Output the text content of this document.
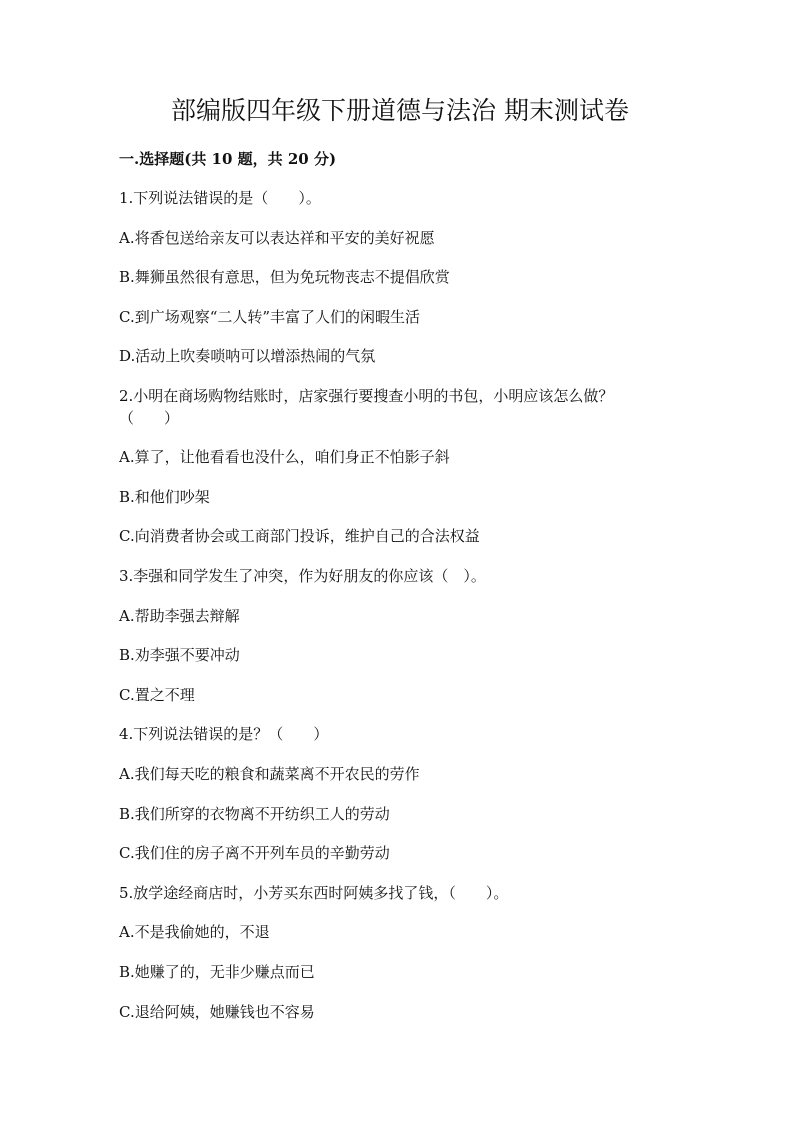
部编版四年级下册道德与法治 期末测试卷
一.选择题(共 10 题，共 20 分)

1.下列说法错误的是（　　）。

A.将香包送给亲友可以表达祥和平安的美好祝愿

B.舞狮虽然很有意思，但为免玩物丧志不提倡欣赏

C.到广场观察“二人转”丰富了人们的闲暇生活

D.活动上吹奏唢呐可以增添热闹的气氛

2.小明在商场购物结账时，店家强行要搜查小明的书包，小明应该怎么做？

（　　）

A.算了，让他看看也没什么，咱们身正不怕影子斜

B.和他们吵架

C.向消费者协会或工商部门投诉，维护自己的合法权益

3.李强和同学发生了冲突，作为好朋友的你应该（　）。

A.帮助李强去辩解

B.劝李强不要冲动

C.置之不理

4.下列说法错误的是？（　　）

A.我们每天吃的粮食和蔬菜离不开农民的劳作

B.我们所穿的衣物离不开纺织工人的劳动

C.我们住的房子离不开列车员的辛勤劳动

5.放学途经商店时，小芳买东西时阿姨多找了钱，（　　）。

A.不是我偷她的，不退

B.她赚了的，无非少赚点而已

C.退给阿姨，她赚钱也不容易
